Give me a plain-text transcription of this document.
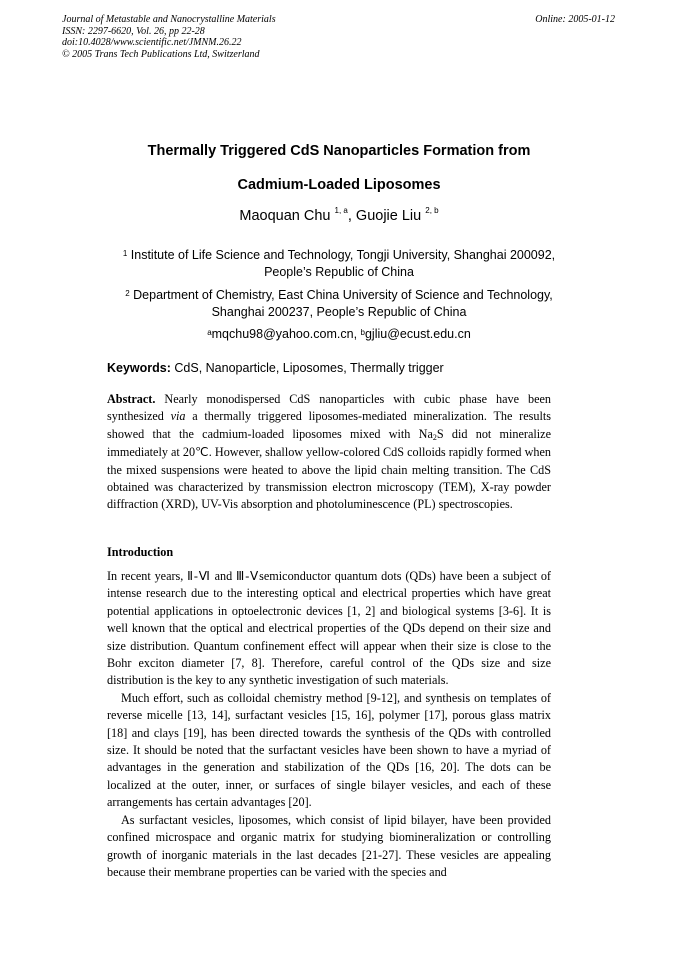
Journal of Metastable and Nanocrystalline Materials
ISSN: 2297-6620, Vol. 26, pp 22-28
doi:10.4028/www.scientific.net/JMNM.26.22
© 2005 Trans Tech Publications Ltd, Switzerland
Online: 2005-01-12
Thermally Triggered CdS Nanoparticles Formation from
Cadmium-Loaded Liposomes
Maoquan Chu $^{1, a}$, Guojie Liu $^{2, b}$
$^1$ Institute of Life Science and Technology, Tongji University, Shanghai 200092,
People’s Republic of China
$^2$ Department of Chemistry, East China University of Science and Technology,
Shanghai 200237, People’s Republic of China
$^a$mqchu98@yahoo.com.cn, $^b$gjliu@ecust.edu.cn
Keywords: CdS, Nanoparticle, Liposomes, Thermally trigger

Abstract. Nearly monodispersed CdS nanoparticles with cubic phase have been synthesized via a thermally triggered liposomes-mediated mineralization. The results showed that the cadmium-loaded liposomes mixed with $Na_2S$ did not mineralize immediately at 20℃. However, shallow yellow-colored CdS colloids rapidly formed when the mixed suspensions were heated to above the lipid chain melting transition. The CdS obtained was characterized by transmission electron microscopy (TEM), X-ray powder diffraction (XRD), UV-Vis absorption and photoluminescence (PL) spectroscopies.

Introduction

In recent years, Ⅱ-Ⅵ and Ⅲ-Ⅴsemiconductor quantum dots (QDs) have been a subject of intense research due to the interesting optical and electrical properties which have great potential applications in optoelectronic devices [1, 2] and biological systems [3-6]. It is well known that the optical and electrical properties of the QDs depend on their size and size distribution. Quantum confinement effect will appear when their size is close to the Bohr exciton diameter [7, 8]. Therefore, careful control of the QDs size and size distribution is the key to any synthetic investigation of such materials.

Much effort, such as colloidal chemistry method [9-12], and synthesis on templates of reverse micelle [13, 14], surfactant vesicles [15, 16], polymer [17], porous glass matrix [18] and clays [19], has been directed towards the synthesis of the QDs with controlled size. It should be noted that the surfactant vesicles have been shown to have a myriad of advantages in the generation and stabilization of the QDs [16, 20]. The dots can be localized at the outer, inner, or surfaces of single bilayer vesicles, and each of these arrangements has certain advantages [20].

As surfactant vesicles, liposomes, which consist of lipid bilayer, have been provided confined microspace and organic matrix for studying biomineralization or controlling growth of inorganic materials in the last decades [21-27]. These vesicles are appealing because their membrane properties can be varied with the species and
